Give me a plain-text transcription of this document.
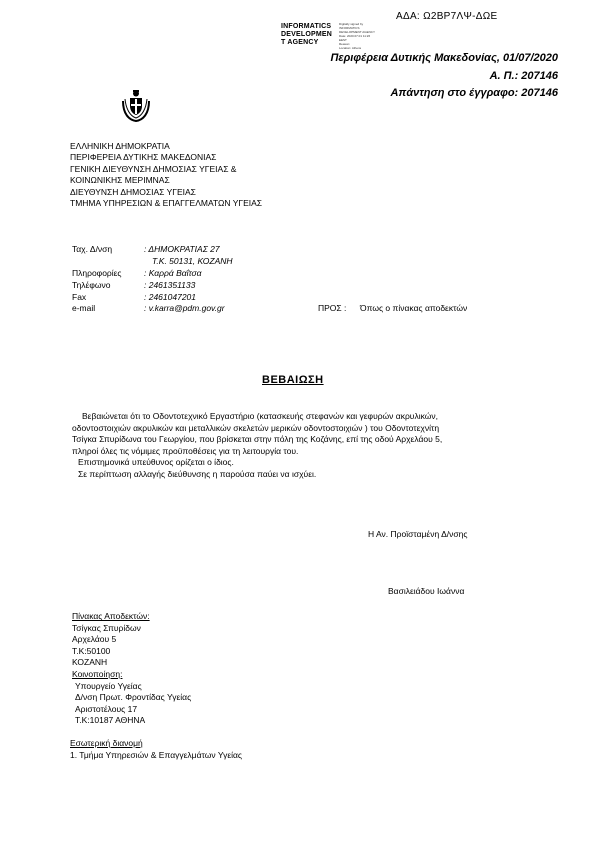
ΑΔΑ: Ω2ΒΡ7ΛΨ-ΔΩΕ
INFORMATICS
DEVELOPMEN
T AGENCY
Digitally signed by
INFORMATICS
DEVELOPMENT AGENCY
Date: 2020.07.01 11:26
EEST
Reason:
Location: Athens
Περιφέρεια Δυτικής Μακεδονίας, 01/07/2020
Α. Π.: 207146
Απάντηση στο έγγραφο: 207146
ΕΛΛΗΝΙΚΗ ΔΗΜΟΚΡΑΤΙΑ
ΠΕΡΙΦΕΡΕΙΑ ΔΥΤΙΚΗΣ ΜΑΚΕΔΟΝΙΑΣ
ΓΕΝΙΚΗ ΔΙΕΥΘΥΝΣΗ ΔΗΜΟΣΙΑΣ ΥΓΕΙΑΣ &
ΚΟΙΝΩΝΙΚΗΣ ΜΕΡΙΜΝΑΣ
ΔΙΕΥΘΥΝΣΗ ΔΗΜΟΣΙΑΣ ΥΓΕΙΑΣ
ΤΜΗΜΑ ΥΠΗΡΕΣΙΩΝ & ΕΠΑΓΓΕΛΜΑΤΩΝ ΥΓΕΙΑΣ
Ταχ. Δ/νση	: ΔΗΜΟΚΡΑΤΙΑΣ 27
Τ.Κ. 50131, ΚΟΖΑΝΗ
Πληροφορίες	: Καρρά Βαΐτσα
Τηλέφωνο	: 2461351133
Fax	: 2461047201
e-mail	: v.karra@pdm.gov.gr	ΠΡΟΣ : Όπως ο πίνακας αποδεκτών
ΒΕΒΑΙΩΣΗ
Βεβαιώνεται ότι το Οδοντοτεχνικό Εργαστήριο (κατασκευής στεφανών και γεφυρών ακρυλικών,
οδοντοστοιχιών ακρυλικών και μεταλλικών σκελετών μερικών οδοντοστοιχιών ) του Οδοντοτεχνίτη
Τσίγκα Σπυρίδωνα του Γεωργίου, που βρίσκεται στην πόλη της Κοζάνης, επί της οδού Αρχελάου 5,
πληροί όλες τις νόμιμες προϋποθέσεις για τη λειτουργία του.
Επιστημονικά υπεύθυνος ορίζεται ο ίδιος.
Σε περίπτωση αλλαγής διεύθυνσης η παρούσα παύει να ισχύει.
Η Αν. Προϊσταμένη Δ/νσης
Βασιλειάδου Ιωάννα
Πίνακας Αποδεκτών:
Τσίγκας Σπυρίδων
Αρχελάου 5
Τ.Κ:50100
ΚΟΖΑΝΗ
Κοινοποίηση:
Υπουργείο Υγείας
Δ/νση Πρωτ. Φροντίδας Υγείας
Αριστοτέλους 17
Τ.Κ:10187 ΑΘΗΝΑ
Εσωτερική διανομή
1. Τμήμα Υπηρεσιών & Επαγγελμάτων Υγείας
